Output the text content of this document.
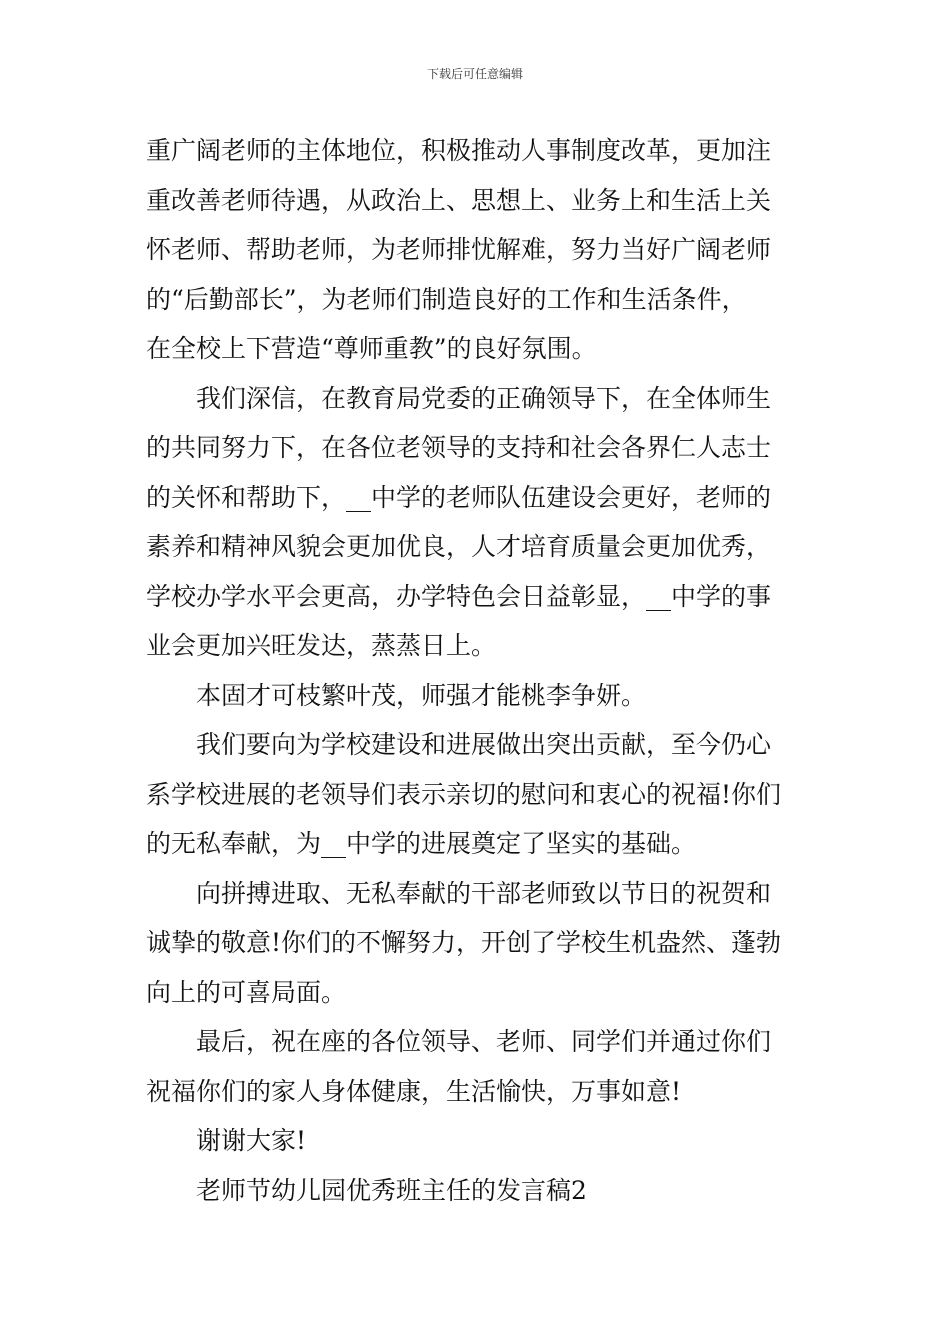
下载后可任意编辑
重广阔老师的主体地位，积极推动人事制度改革，更加注
重改善老师待遇，从政治上、思想上、业务上和生活上关
怀老师、帮助老师，为老师排忧解难，努力当好广阔老师
的“后勤部长”，为老师们制造良好的工作和生活条件，
在全校上下营造“尊师重教”的良好氛围。
我们深信，在教育局党委的正确领导下，在全体师生
的共同努力下，在各位老领导的支持和社会各界仁人志士
的关怀和帮助下，__中学的老师队伍建设会更好，老师的
素养和精神风貌会更加优良，人才培育质量会更加优秀，
学校办学水平会更高，办学特色会日益彰显，__中学的事
业会更加兴旺发达，蒸蒸日上。
本固才可枝繁叶茂，师强才能桃李争妍。
我们要向为学校建设和进展做出突出贡献，至今仍心
系学校进展的老领导们表示亲切的慰问和衷心的祝福!你们
的无私奉献，为__中学的进展奠定了坚实的基础。
向拼搏进取、无私奉献的干部老师致以节日的祝贺和
诚挚的敬意!你们的不懈努力，开创了学校生机盎然、蓬勃
向上的可喜局面。
最后，祝在座的各位领导、老师、同学们并通过你们
祝福你们的家人身体健康，生活愉快，万事如意!
谢谢大家!
老师节幼儿园优秀班主任的发言稿2
